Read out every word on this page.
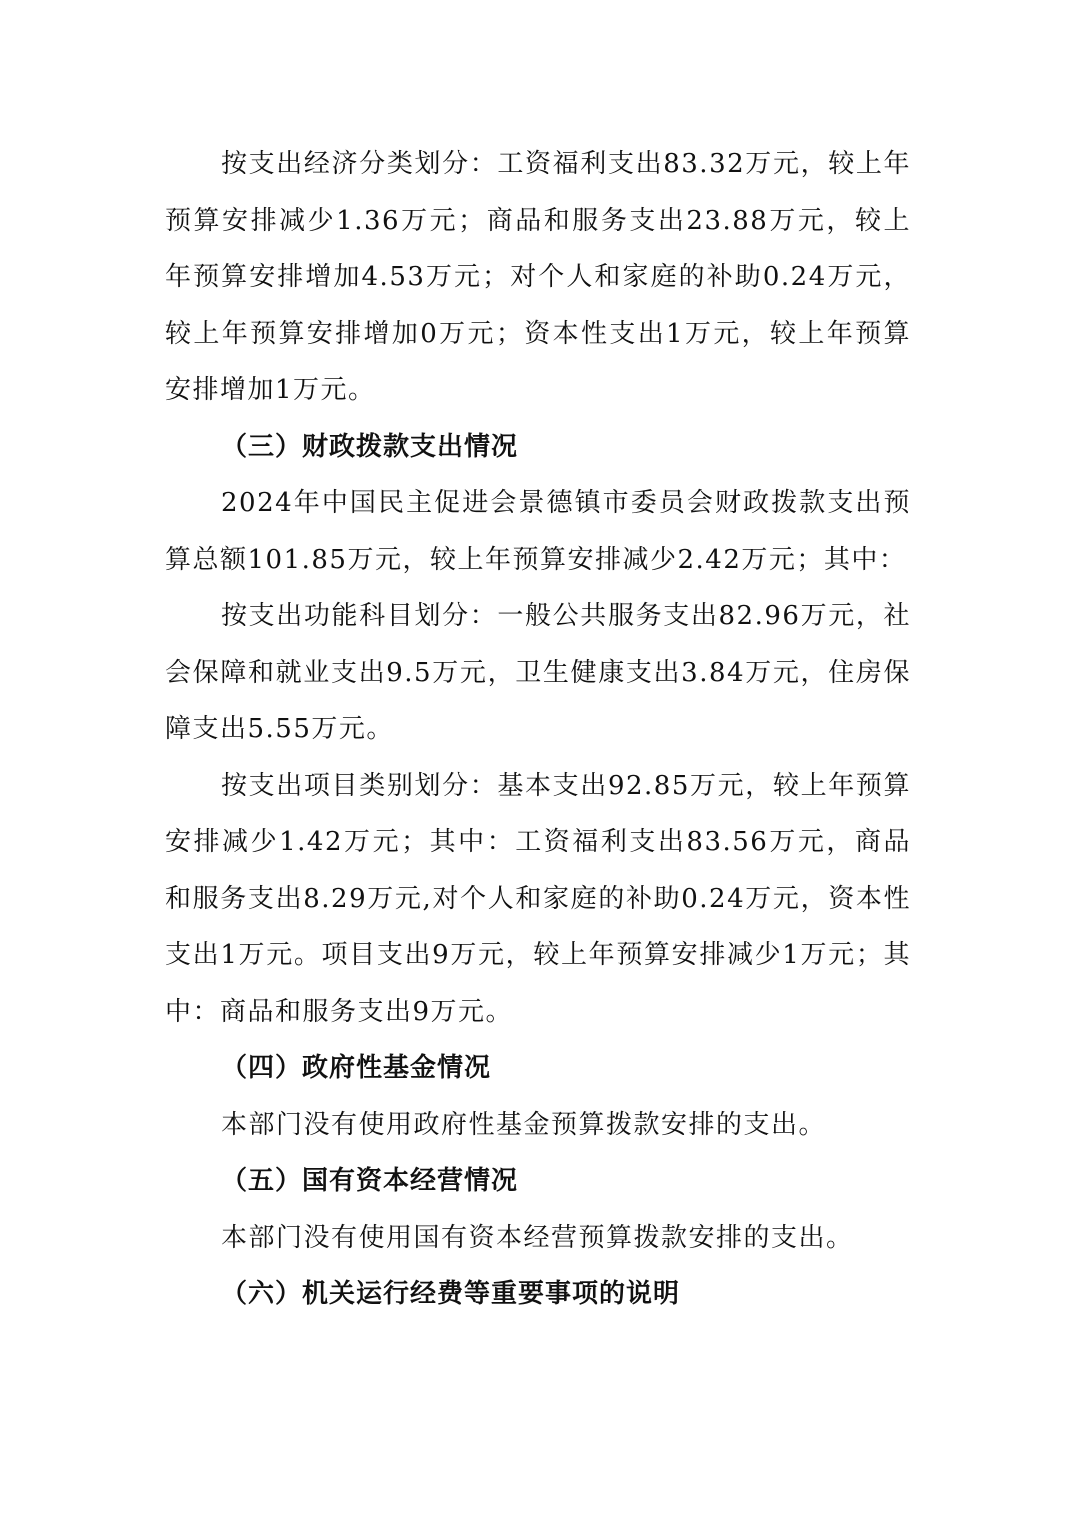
按支出经济分类划分：工资福利支出83.32万元，较上年预算安排减少1.36万元；商品和服务支出23.88万元，较上年预算安排增加4.53万元；对个人和家庭的补助0.24万元，较上年预算安排增加0万元；资本性支出1万元，较上年预算安排增加1万元。

（三）财政拨款支出情况

2024年中国民主促进会景德镇市委员会财政拨款支出预算总额101.85万元，较上年预算安排减少2.42万元；其中：

按支出功能科目划分：一般公共服务支出82.96万元，社会保障和就业支出9.5万元，卫生健康支出3.84万元，住房保障支出5.55万元。

按支出项目类别划分：基本支出92.85万元，较上年预算安排减少1.42万元；其中：工资福利支出83.56万元，商品和服务支出8.29万元,对个人和家庭的补助0.24万元，资本性支出1万元。项目支出9万元，较上年预算安排减少1万元；其中：商品和服务支出9万元。

（四）政府性基金情况

本部门没有使用政府性基金预算拨款安排的支出。

（五）国有资本经营情况

本部门没有使用国有资本经营预算拨款安排的支出。

（六）机关运行经费等重要事项的说明
